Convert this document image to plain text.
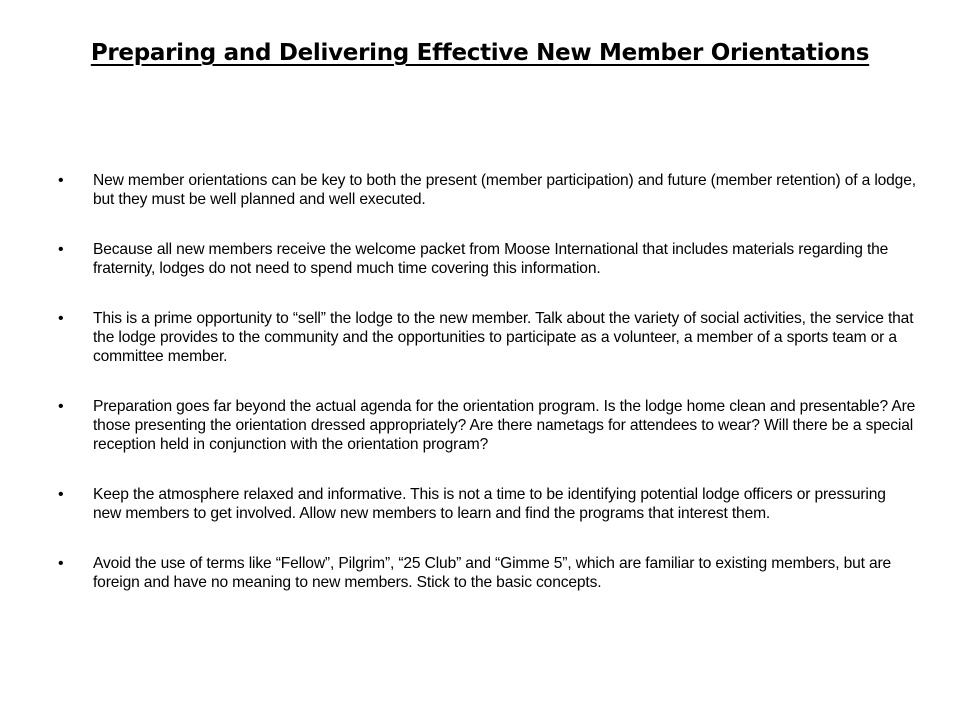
Preparing and Delivering Effective New Member Orientations
•	New member orientations can be key to both the present (member participation) and future (member retention) of a lodge, but they must be well planned and well executed.
•	Because all new members receive the welcome packet from Moose International that includes materials regarding the fraternity, lodges do not need to spend much time covering this information.
•	This is a prime opportunity to “sell” the lodge to the new member. Talk about the variety of social activities, the service that the lodge provides to the community and the opportunities to participate as a volunteer, a member of a sports team or a committee member.
•	Preparation goes far beyond the actual agenda for the orientation program. Is the lodge home clean and presentable? Are those presenting the orientation dressed appropriately? Are there nametags for attendees to wear? Will there be a special reception held in conjunction with the orientation program?
•	Keep the atmosphere relaxed and informative. This is not a time to be identifying potential lodge officers or pressuring new members to get involved. Allow new members to learn and find the programs that interest them.
•	Avoid the use of terms like “Fellow”, Pilgrim”, “25 Club” and “Gimme 5”, which are familiar to existing members, but are foreign and have no meaning to new members. Stick to the basic concepts.
